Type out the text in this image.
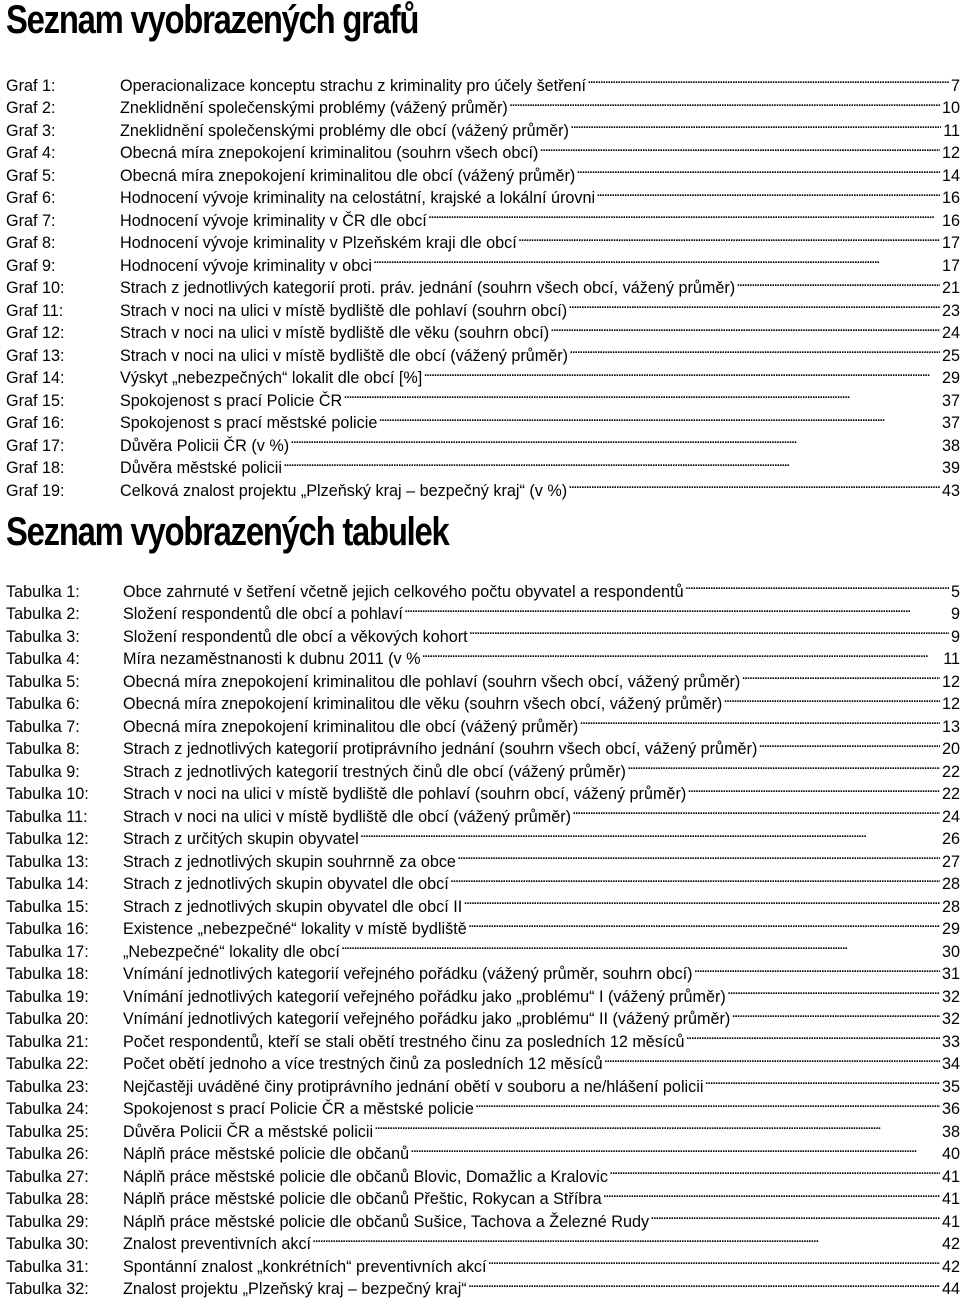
Seznam vyobrazených grafů
Graf 1:	Operacionalizace konceptu strachu z kriminality pro účely šetření . . .	7
Graf 2:	Zneklidnění společenskými problémy (vážený průměr) . . .	10
Graf 3:	Zneklidnění společenskými problémy dle obcí (vážený průměr) . . .	11
Graf 4:	Obecná míra znepokojení kriminalitou (souhrn všech obcí) . . .	12
Graf 5:	Obecná míra znepokojení kriminalitou dle obcí (vážený průměr) . . .	14
Graf 6:	Hodnocení vývoje kriminality na celostátní, krajské a lokální úrovni . . .	16
Graf 7:	Hodnocení vývoje kriminality v ČR dle obcí . . .	16
Graf 8:	Hodnocení vývoje kriminality v Plzeňském kraji dle obcí . . .	17
Graf 9:	Hodnocení vývoje kriminality v obci . . .	17
Graf 10:	Strach z jednotlivých kategorií proti. práv. jednání (souhrn všech obcí, vážený průměr) . . .	21
Graf 11:	Strach v noci na ulici v místě bydliště dle pohlaví (souhrn obcí) . . .	23
Graf 12:	Strach v noci na ulici v místě bydliště dle věku (souhrn obcí) . . .	24
Graf 13:	Strach v noci na ulici v místě bydliště dle obcí (vážený průměr) . . .	25
Graf 14:	Výskyt „nebezpečných“ lokalit dle obcí [%] . . .	29
Graf 15:	Spokojenost s prací Policie ČR . . .	37
Graf 16:	Spokojenost s prací městské policie . . .	37
Graf 17:	Důvěra Policii ČR (v %) . . .	38
Graf 18:	Důvěra městské policii . . .	39
Graf 19:	Celková znalost projektu „Plzeňský kraj – bezpečný kraj“ (v %) . . .	43
Seznam vyobrazených tabulek
Tabulka 1:	Obce zahrnuté v šetření včetně jejich celkového počtu obyvatel a respondentů . . .	5
Tabulka 2:	Složení respondentů dle obcí a pohlaví . . .	9
Tabulka 3:	Složení respondentů dle obcí a věkových kohort . . .	9
Tabulka 4:	Míra nezaměstnanosti k dubnu 2011 (v % . . .	11
Tabulka 5:	Obecná míra znepokojení kriminalitou dle pohlaví (souhrn všech obcí, vážený průměr) . . .	12
Tabulka 6:	Obecná míra znepokojení kriminalitou dle věku (souhrn všech obcí, vážený průměr) . . .	12
Tabulka 7:	Obecná míra znepokojení kriminalitou dle obcí (vážený průměr) . . .	13
Tabulka 8:	Strach z jednotlivých kategorií protiprávního jednání (souhrn všech obcí, vážený průměr) . . .	20
Tabulka 9:	Strach z jednotlivých kategorií trestných činů dle obcí (vážený průměr) . . .	22
Tabulka 10:	Strach v noci na ulici v místě bydliště dle pohlaví (souhrn obcí, vážený průměr) . . .	22
Tabulka 11:	Strach v noci na ulici v místě bydliště dle obcí (vážený průměr) . . .	24
Tabulka 12:	Strach z určitých skupin obyvatel . . .	26
Tabulka 13:	Strach z jednotlivých skupin souhrnně za obce . . .	27
Tabulka 14:	Strach z jednotlivých skupin obyvatel dle obcí . . .	28
Tabulka 15:	Strach z jednotlivých skupin obyvatel dle obcí II . . .	28
Tabulka 16:	Existence „nebezpečné“ lokality v místě bydliště . . .	29
Tabulka 17:	„Nebezpečné“ lokality dle obcí . . .	30
Tabulka 18:	Vnímání jednotlivých kategorií veřejného pořádku (vážený průměr, souhrn obcí) . . .	31
Tabulka 19:	Vnímání jednotlivých kategorií veřejného pořádku jako „problému“ I (vážený průměr) . . .	32
Tabulka 20:	Vnímání jednotlivých kategorií veřejného pořádku jako „problému“ II (vážený průměr) . . .	32
Tabulka 21:	Počet respondentů, kteří se stali obětí trestného činu za posledních 12 měsíců . . .	33
Tabulka 22:	Počet obětí jednoho a více trestných činů za posledních 12 měsíců . . .	34
Tabulka 23:	Nejčastěji uváděné činy protiprávního jednání obětí v souboru a ne/hlášení policii . . .	35
Tabulka 24:	Spokojenost s prací Policie ČR a městské policie . . .	36
Tabulka 25:	Důvěra Policii ČR a městské policii . . .	38
Tabulka 26:	Náplň práce městské policie dle občanů . . .	40
Tabulka 27:	Náplň práce městské policie dle občanů Blovic, Domažlic a Kralovic . . .	41
Tabulka 28:	Náplň práce městské policie dle občanů Přeštic, Rokycan a Stříbra . . .	41
Tabulka 29:	Náplň práce městské policie dle občanů Sušice, Tachova a Železné Rudy . . .	41
Tabulka 30:	Znalost preventivních akcí . . .	42
Tabulka 31:	Spontánní znalost „konkrétních“ preventivních akcí . . .	42
Tabulka 32:	Znalost projektu „Plzeňský kraj – bezpečný kraj“ . . .	44
